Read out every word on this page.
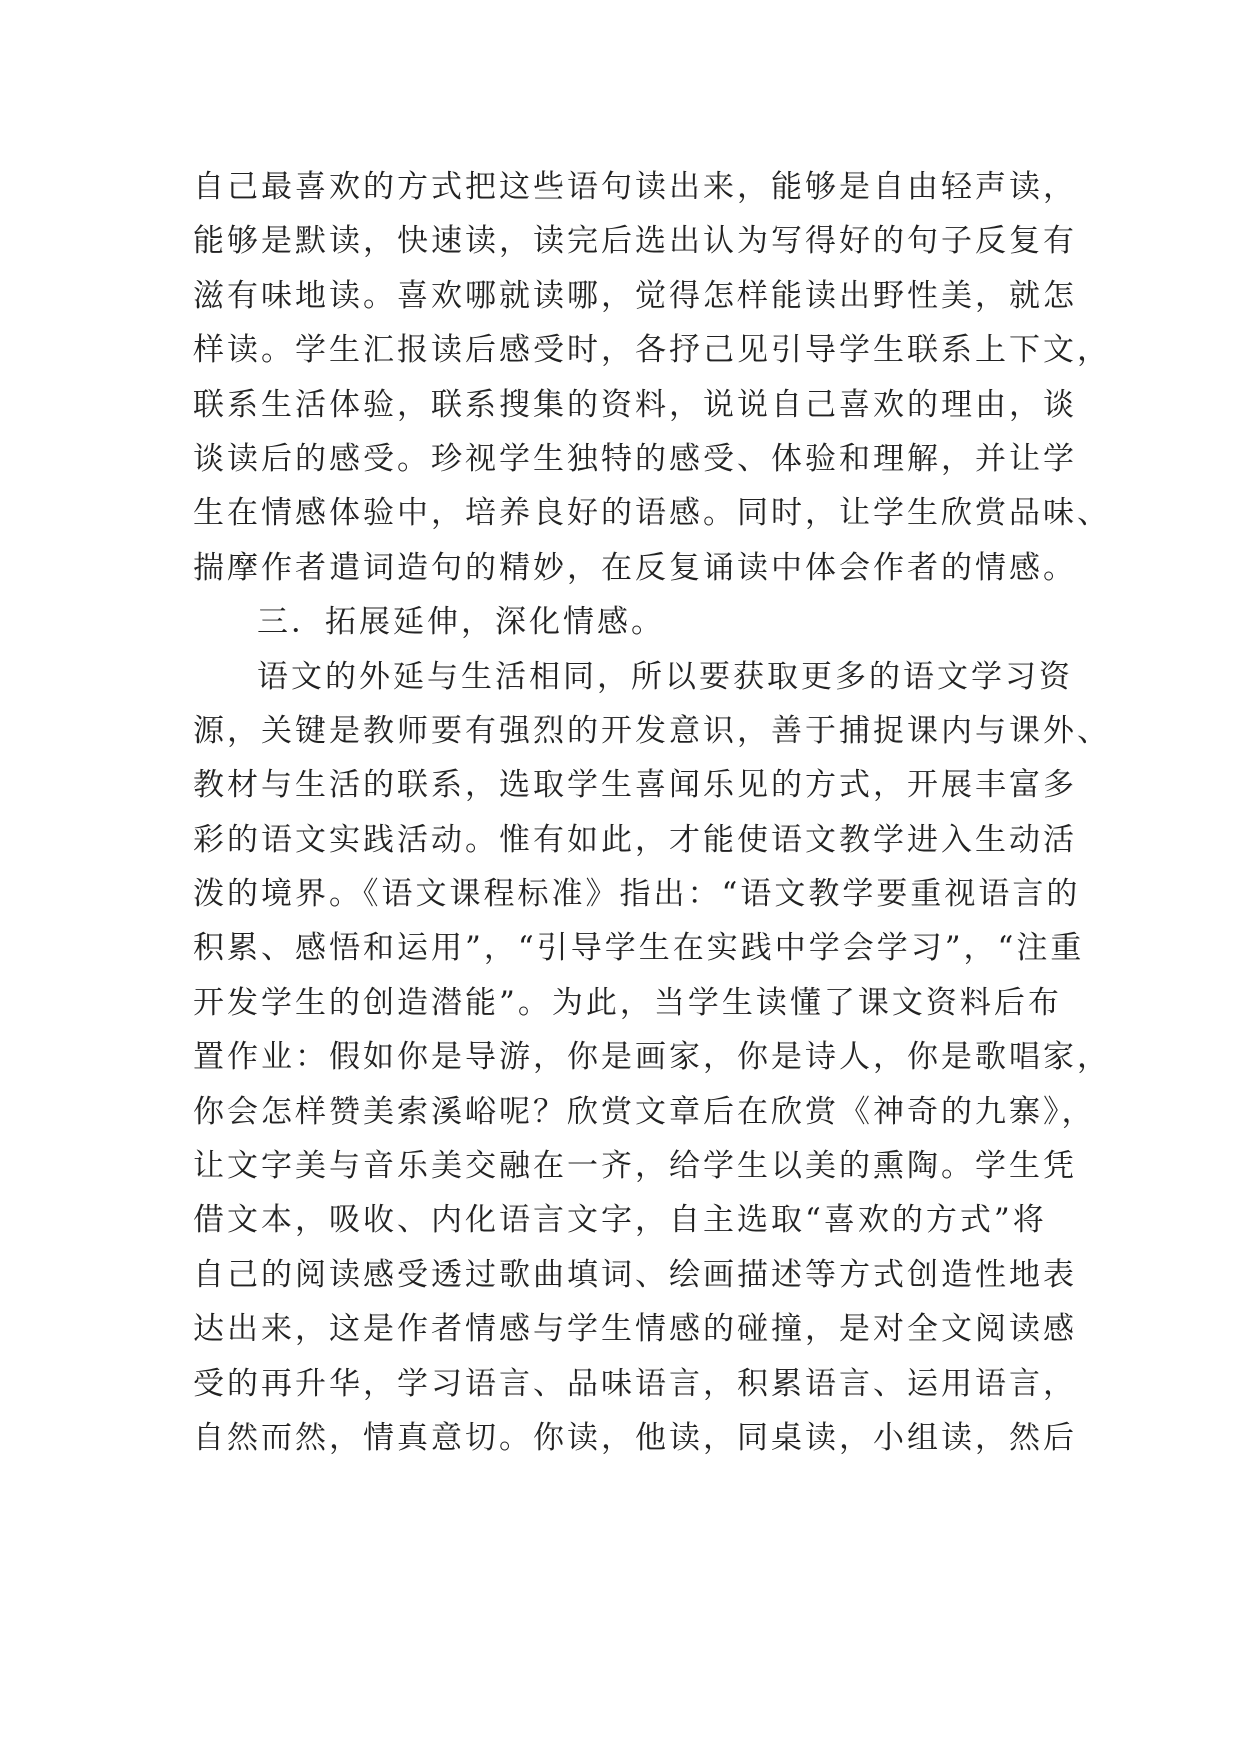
自己最喜欢的方式把这些语句读出来，能够是自由轻声读，
能够是默读，快速读，读完后选出认为写得好的句子反复有
滋有味地读。喜欢哪就读哪，觉得怎样能读出野性美，就怎
样读。学生汇报读后感受时，各抒己见引导学生联系上下文，
联系生活体验，联系搜集的资料，说说自己喜欢的理由，谈
谈读后的感受。珍视学生独特的感受、体验和理解，并让学
生在情感体验中，培养良好的语感。同时，让学生欣赏品味、
揣摩作者遣词造句的精妙，在反复诵读中体会作者的情感。
三．拓展延伸，深化情感。
语文的外延与生活相同，所以要获取更多的语文学习资
源，关键是教师要有强烈的开发意识，善于捕捉课内与课外、
教材与生活的联系，选取学生喜闻乐见的方式，开展丰富多
彩的语文实践活动。惟有如此，才能使语文教学进入生动活
泼的境界。《语文课程标准》指出：“语文教学要重视语言的
积累、感悟和运用”，“引导学生在实践中学会学习”，“注重
开发学生的创造潜能”。为此，当学生读懂了课文资料后布
置作业：假如你是导游，你是画家，你是诗人，你是歌唱家，
你会怎样赞美索溪峪呢？欣赏文章后在欣赏《神奇的九寨》，
让文字美与音乐美交融在一齐，给学生以美的熏陶。学生凭
借文本，吸收、内化语言文字，自主选取“喜欢的方式”将
自己的阅读感受透过歌曲填词、绘画描述等方式创造性地表
达出来，这是作者情感与学生情感的碰撞，是对全文阅读感
受的再升华，学习语言、品味语言，积累语言、运用语言，
自然而然，情真意切。你读，他读，同桌读，小组读，然后
